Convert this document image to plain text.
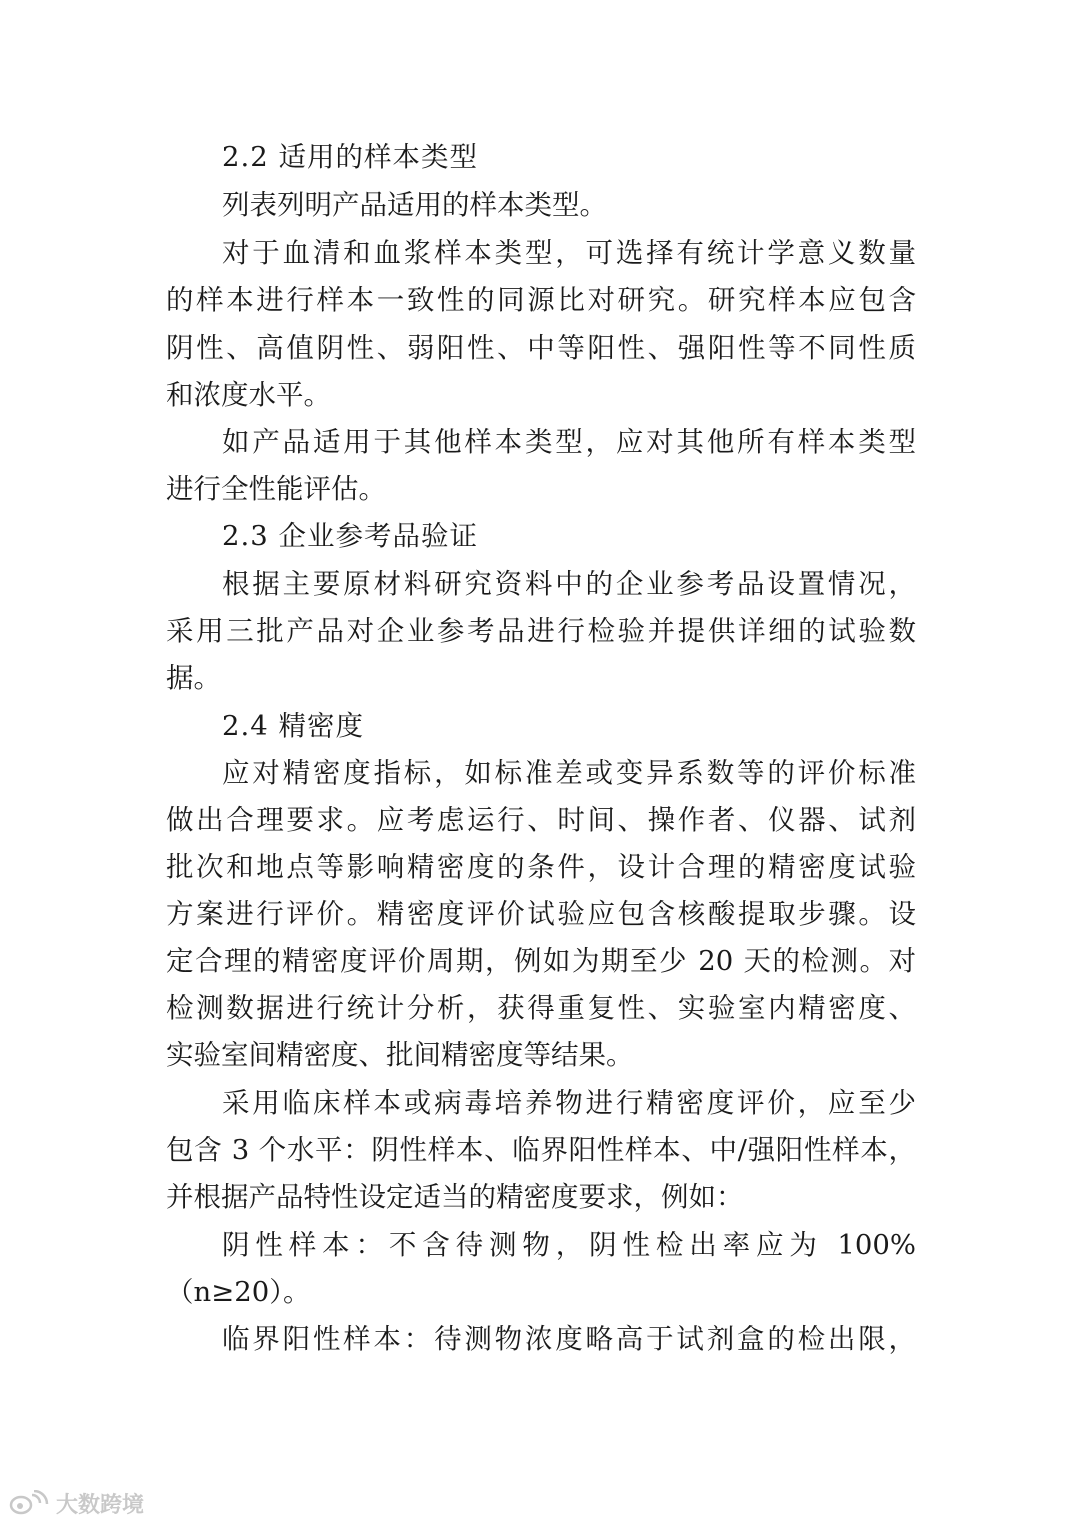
2.2 适用的样本类型
列表列明产品适用的样本类型。
对于血清和血浆样本类型，可选择有统计学意义数量
的样本进行样本一致性的同源比对研究。研究样本应包含
阴性、高值阴性、弱阳性、中等阳性、强阳性等不同性质
和浓度水平。
如产品适用于其他样本类型，应对其他所有样本类型
进行全性能评估。
2.3 企业参考品验证
根据主要原材料研究资料中的企业参考品设置情况，
采用三批产品对企业参考品进行检验并提供详细的试验数
据。
2.4 精密度
应对精密度指标，如标准差或变异系数等的评价标准
做出合理要求。应考虑运行、时间、操作者、仪器、试剂
批次和地点等影响精密度的条件，设计合理的精密度试验
方案进行评价。精密度评价试验应包含核酸提取步骤。设
定合理的精密度评价周期，例如为期至少 20 天的检测。对
检测数据进行统计分析，获得重复性、实验室内精密度、
实验室间精密度、批间精密度等结果。
采用临床样本或病毒培养物进行精密度评价，应至少
包含 3 个水平：阴性样本、临界阳性样本、中/强阳性样本，
并根据产品特性设定适当的精密度要求，例如：
阴性样本：不含待测物，阴性检出率应为 100%
（n≥20）。
临界阳性样本：待测物浓度略高于试剂盒的检出限，
大数跨境
